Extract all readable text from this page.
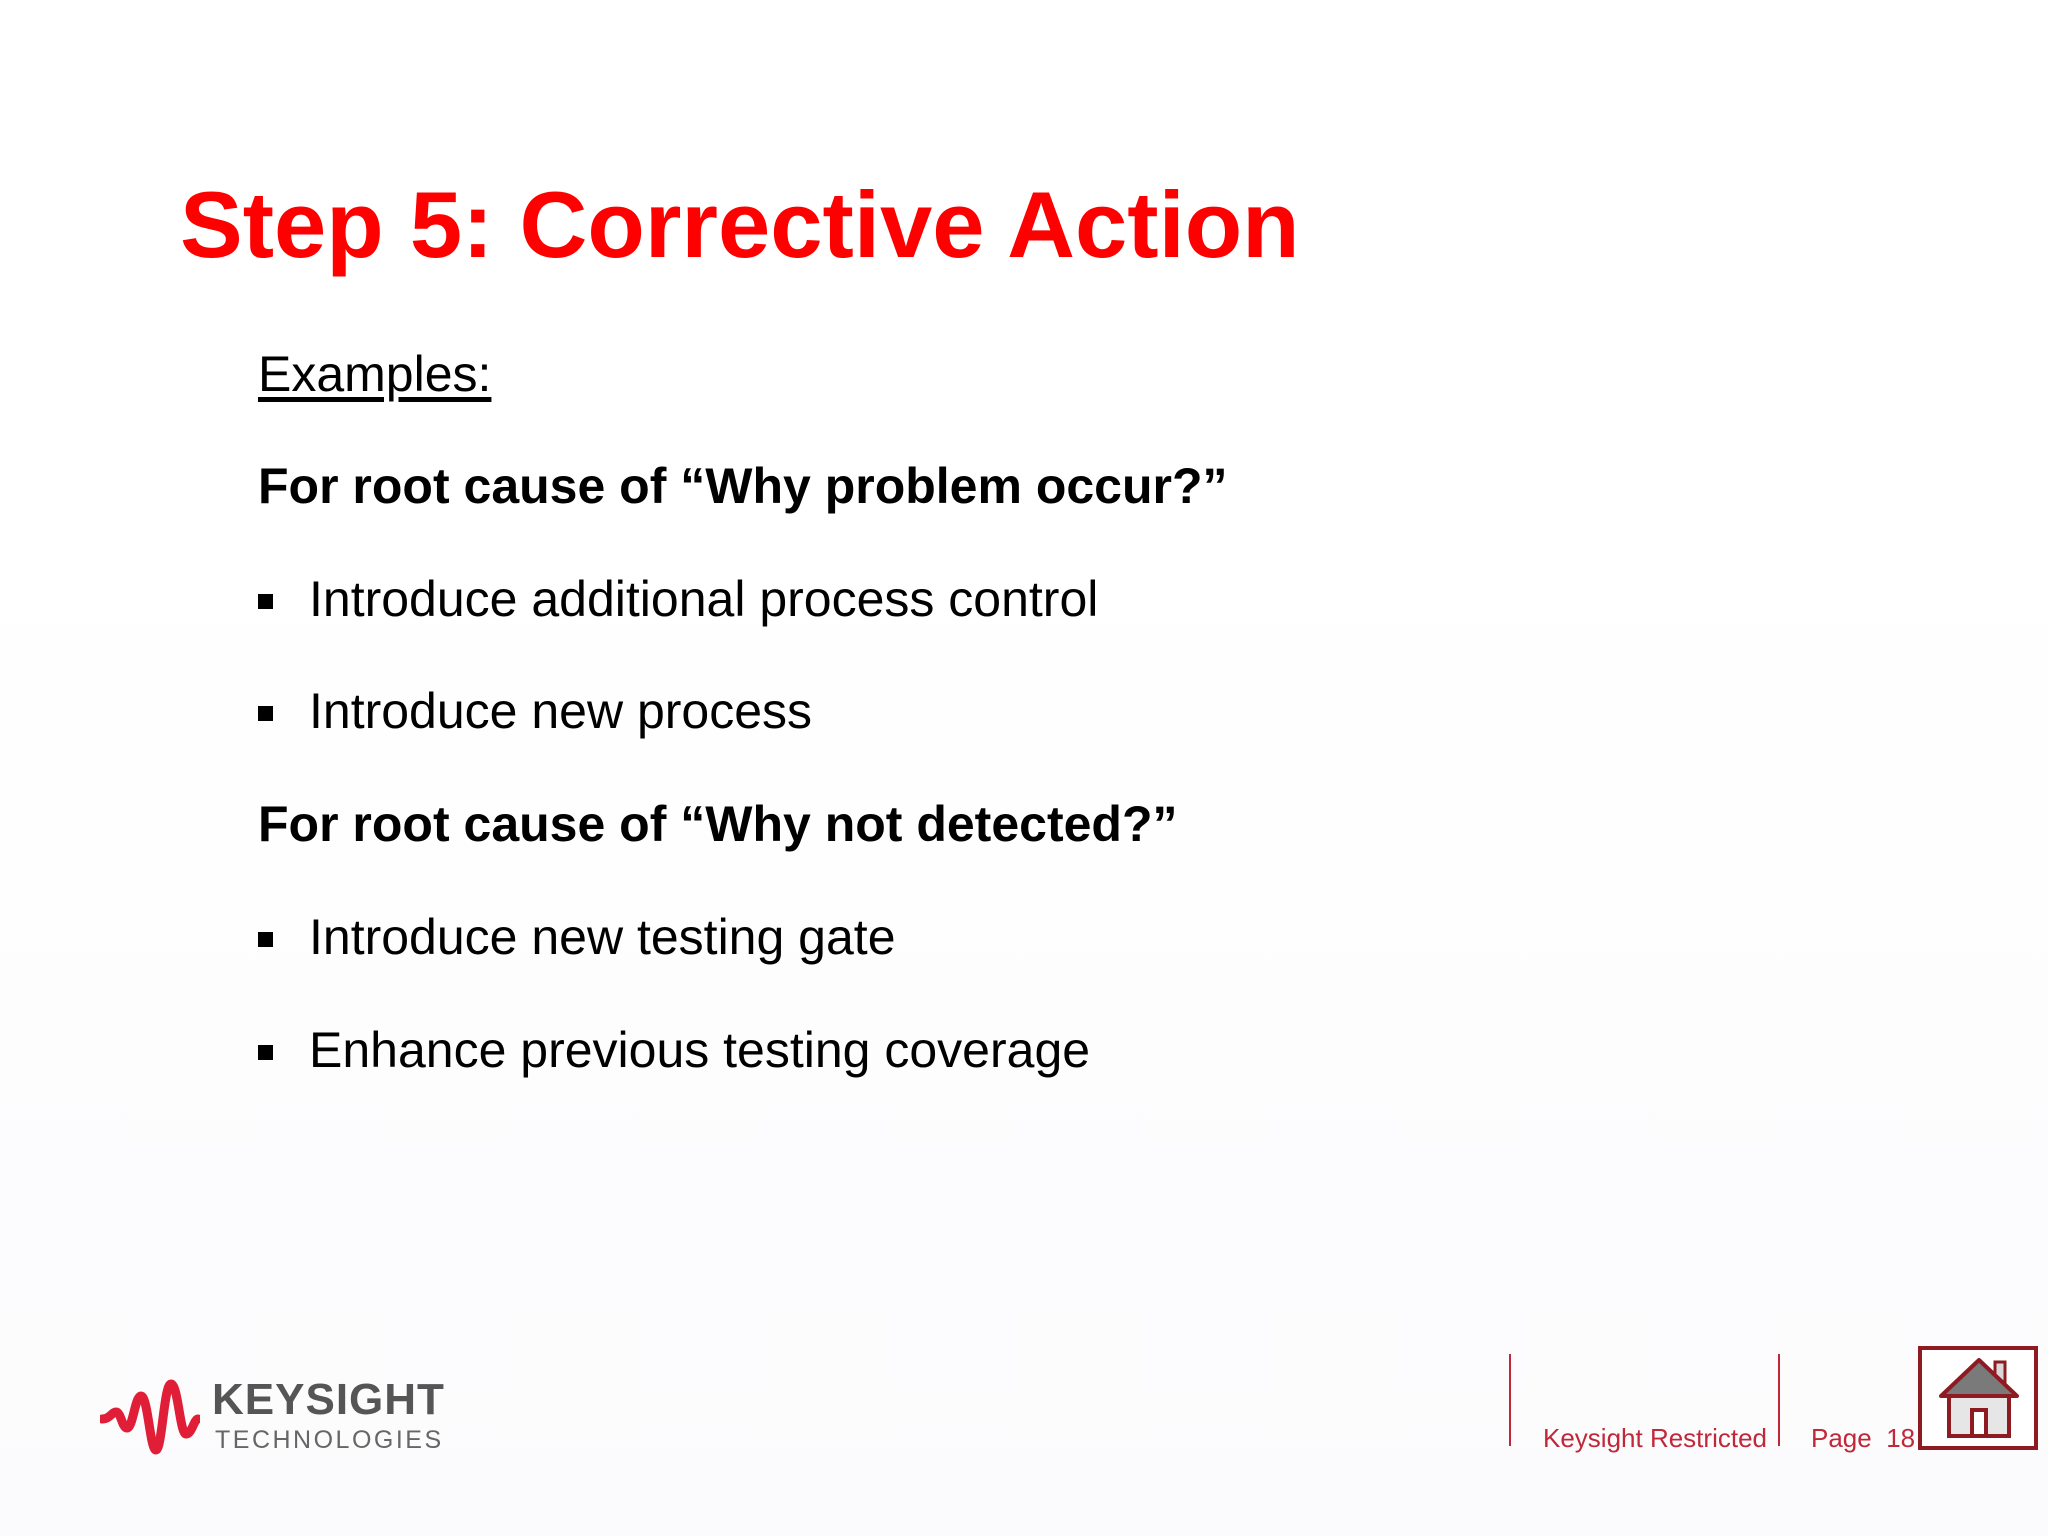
Step 5: Corrective Action
Examples:
For root cause of “Why problem occur?”
Introduce additional process control
Introduce new process
For root cause of “Why not detected?”
Introduce new testing gate
Enhance previous testing coverage
KEYSIGHT
TECHNOLOGIES	Keysight Restricted Page 18
